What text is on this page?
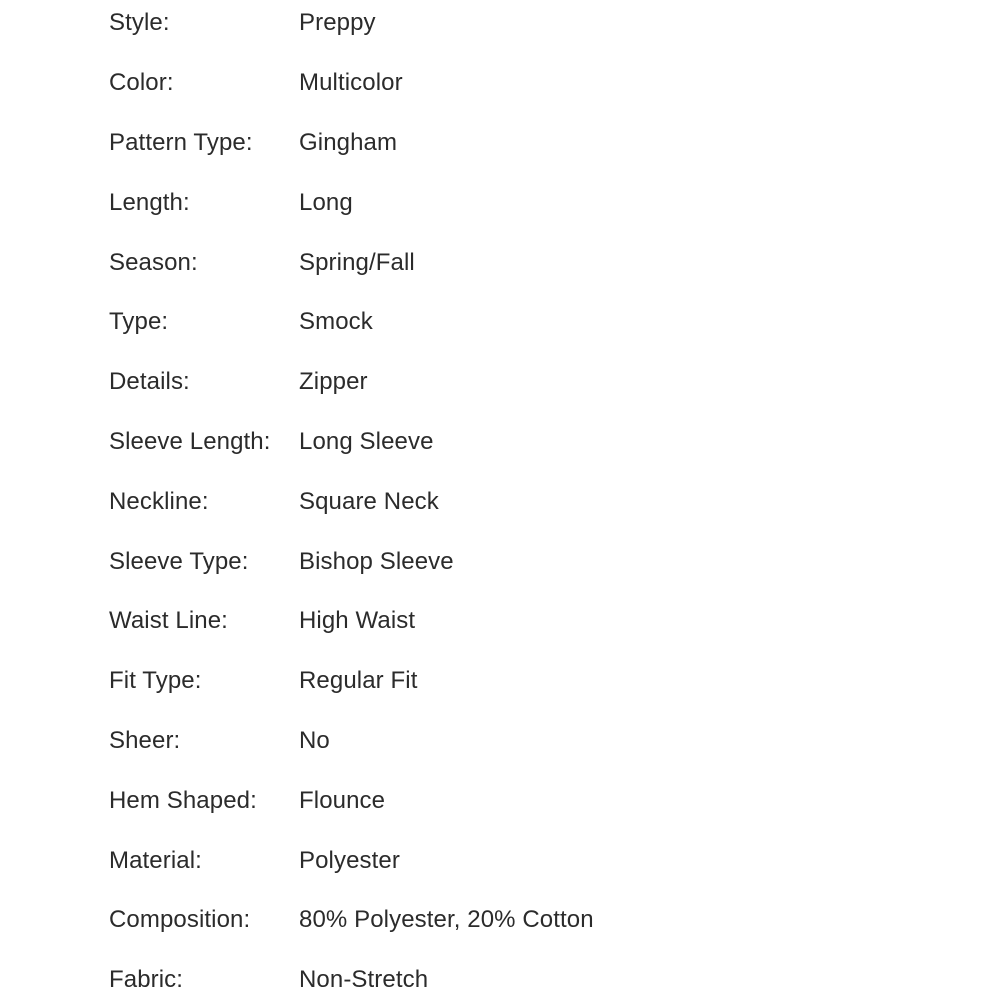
Style:	Preppy
Color:	Multicolor
Pattern Type: Gingham
Length:	Long
Season:	Spring/Fall
Type:	Smock
Details:	Zipper
Sleeve Length: Long Sleeve
Neckline:	Square Neck
Sleeve Type: Bishop Sleeve
Waist Line:	High Waist
Fit Type:	Regular Fit
Sheer:	No
Hem Shaped: Flounce
Material:	Polyester
Composition: 80% Polyester, 20% Cotton
Fabric:	Non-Stretch
